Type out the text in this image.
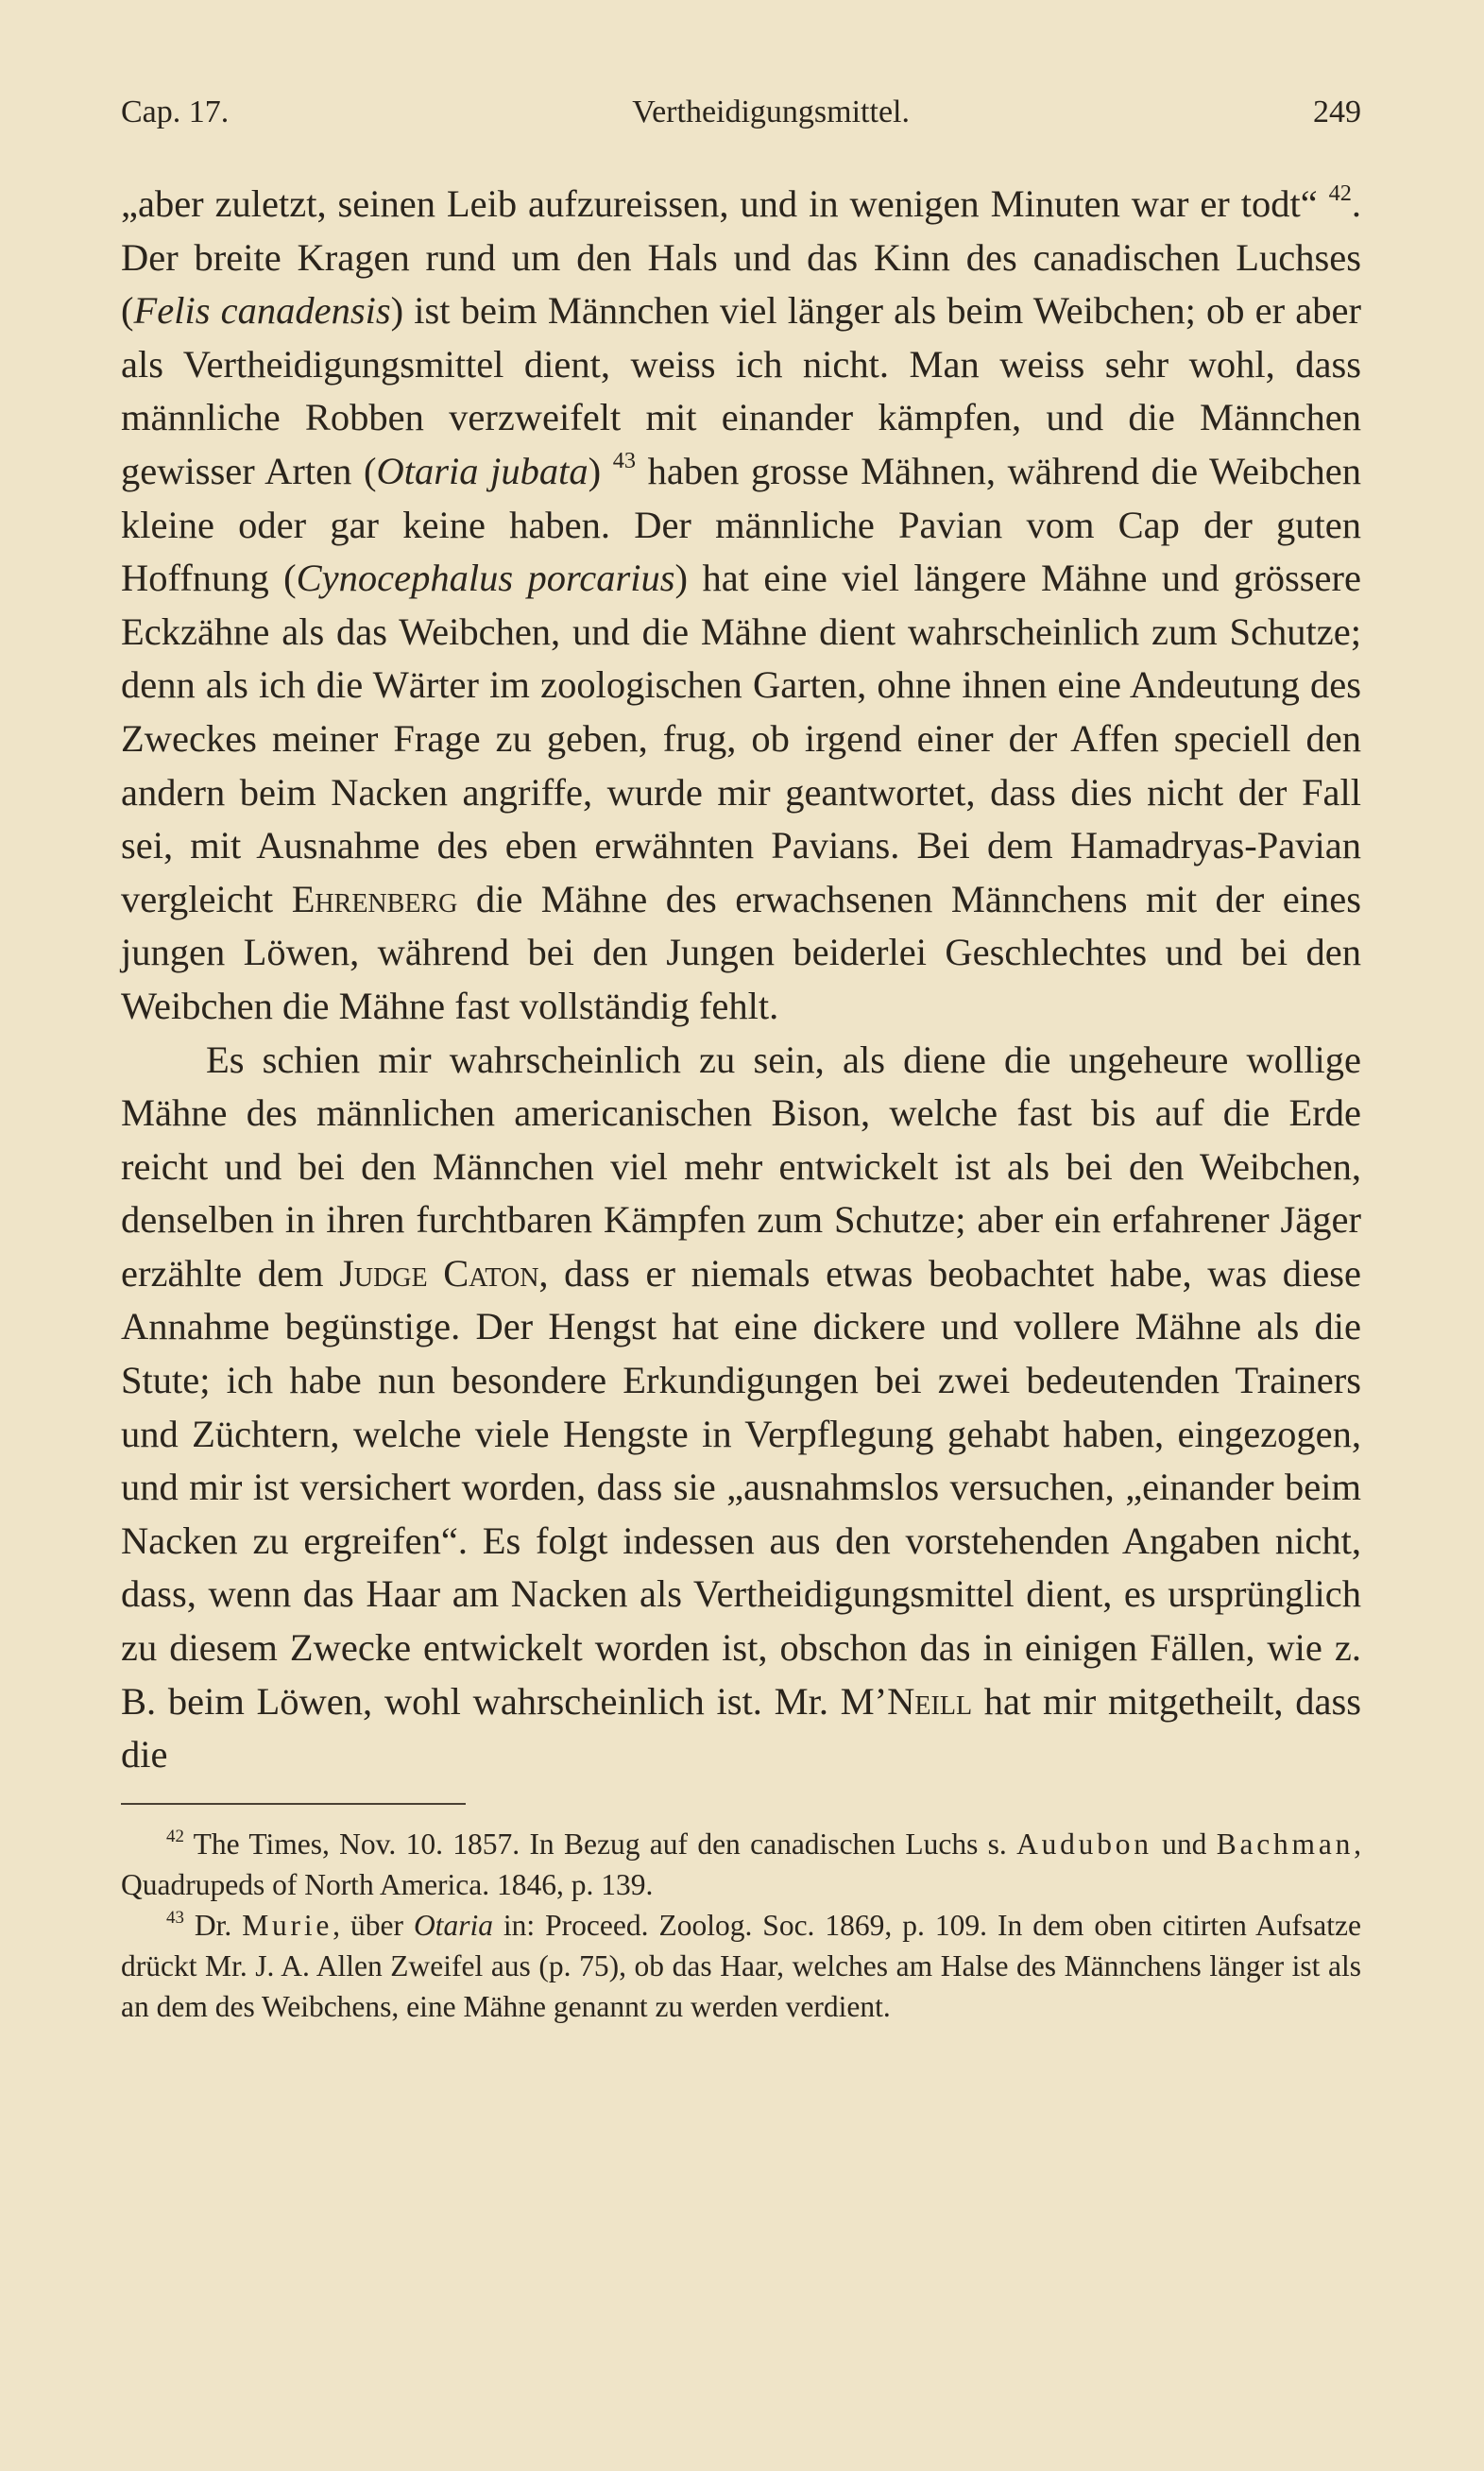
Cap. 17.	Vertheidigungsmittel.	249

„aber zuletzt, seinen Leib aufzureissen, und in wenigen Minuten war er todt“ $^{42}$. Der breite Kragen rund um den Hals und das Kinn des canadischen Luchses (Felis canadensis) ist beim Männchen viel länger als beim Weibchen; ob er aber als Vertheidigungsmittel dient, weiss ich nicht. Man weiss sehr wohl, dass männliche Robben verzweifelt mit einander kämpfen, und die Männchen gewisser Arten (Otaria jubata) $^{43}$ haben grosse Mähnen, während die Weibchen kleine oder gar keine haben. Der männliche Pavian vom Cap der guten Hoffnung (Cynocephalus porcarius) hat eine viel längere Mähne und grössere Eckzähne als das Weibchen, und die Mähne dient wahrscheinlich zum Schutze; denn als ich die Wärter im zoologischen Garten, ohne ihnen eine Andeutung des Zweckes meiner Frage zu geben, frug, ob irgend einer der Affen speciell den andern beim Nacken angriffe, wurde mir geantwortet, dass dies nicht der Fall sei, mit Ausnahme des eben erwähnten Pavians. Bei dem Hamadryas-Pavian vergleicht Ehrenberg die Mähne des erwachsenen Männchens mit der eines jungen Löwen, während bei den Jungen beiderlei Geschlechtes und bei den Weibchen die Mähne fast vollständig fehlt.

Es schien mir wahrscheinlich zu sein, als diene die ungeheure wollige Mähne des männlichen americanischen Bison, welche fast bis auf die Erde reicht und bei den Männchen viel mehr entwickelt ist als bei den Weibchen, denselben in ihren furchtbaren Kämpfen zum Schutze; aber ein erfahrener Jäger erzählte dem Judge Caton, dass er niemals etwas beobachtet habe, was diese Annahme begünstige. Der Hengst hat eine dickere und vollere Mähne als die Stute; ich habe nun besondere Erkundigungen bei zwei bedeutenden Trainers und Züchtern, welche viele Hengste in Verpflegung gehabt haben, eingezogen, und mir ist versichert worden, dass sie „ausnahmslos versuchen, „einander beim Nacken zu ergreifen“. Es folgt indessen aus den vorstehenden Angaben nicht, dass, wenn das Haar am Nacken als Vertheidigungsmittel dient, es ursprünglich zu diesem Zwecke entwickelt worden ist, obschon das in einigen Fällen, wie z. B. beim Löwen, wohl wahrscheinlich ist. Mr. M’Neill hat mir mitgetheilt, dass die

$^{42}$ The Times, Nov. 10. 1857. In Bezug auf den canadischen Luchs s. Audubon und Bachman, Quadrupeds of North America. 1846, p. 139.

$^{43}$ Dr. Murie, über Otaria in: Proceed. Zoolog. Soc. 1869, p. 109. In dem oben citirten Aufsatze drückt Mr. J. A. Allen Zweifel aus (p. 75), ob das Haar, welches am Halse des Männchens länger ist als an dem des Weibchens, eine Mähne genannt zu werden verdient.
